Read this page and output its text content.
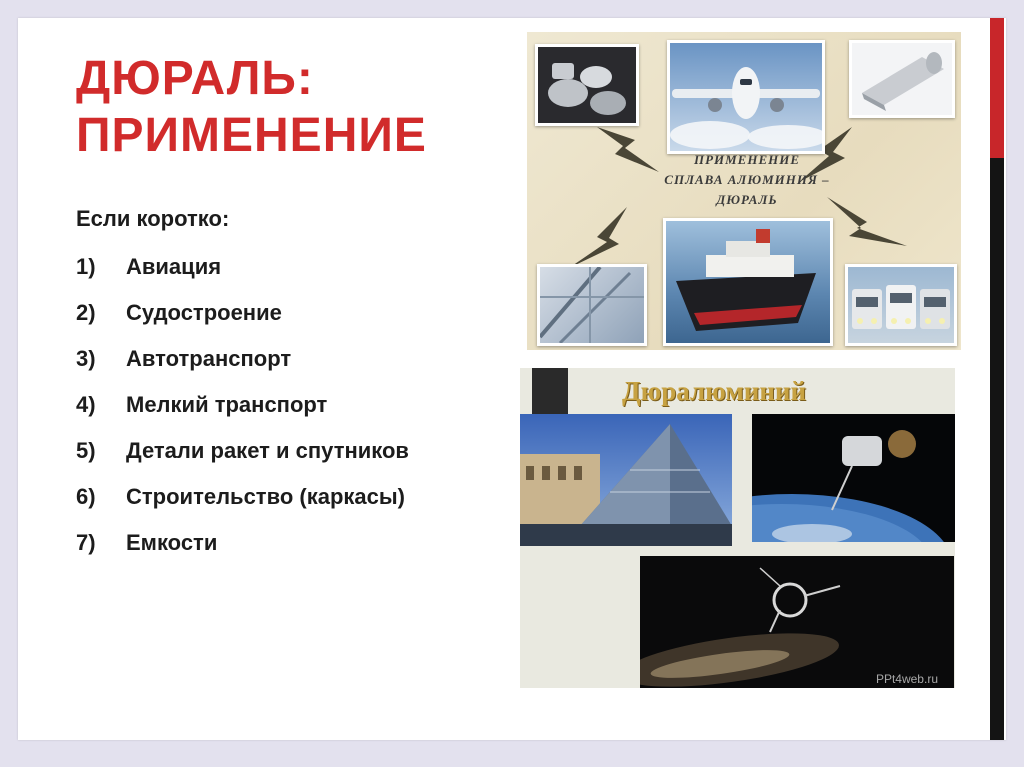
ДЮРАЛЬ:
ПРИМЕНЕНИЕ
Если коротко:
1) Авиация
2) Судостроение
3) Автотранспорт
4) Мелкий транспорт
5) Детали ракет и спутников
6) Строительство (каркасы)
7) Емкости
ПРИМЕНЕНИЕ
СПЛАВА АЛЮМИНИЯ –
ДЮРАЛЬ
Дюралюминий
PPt4web.ru
